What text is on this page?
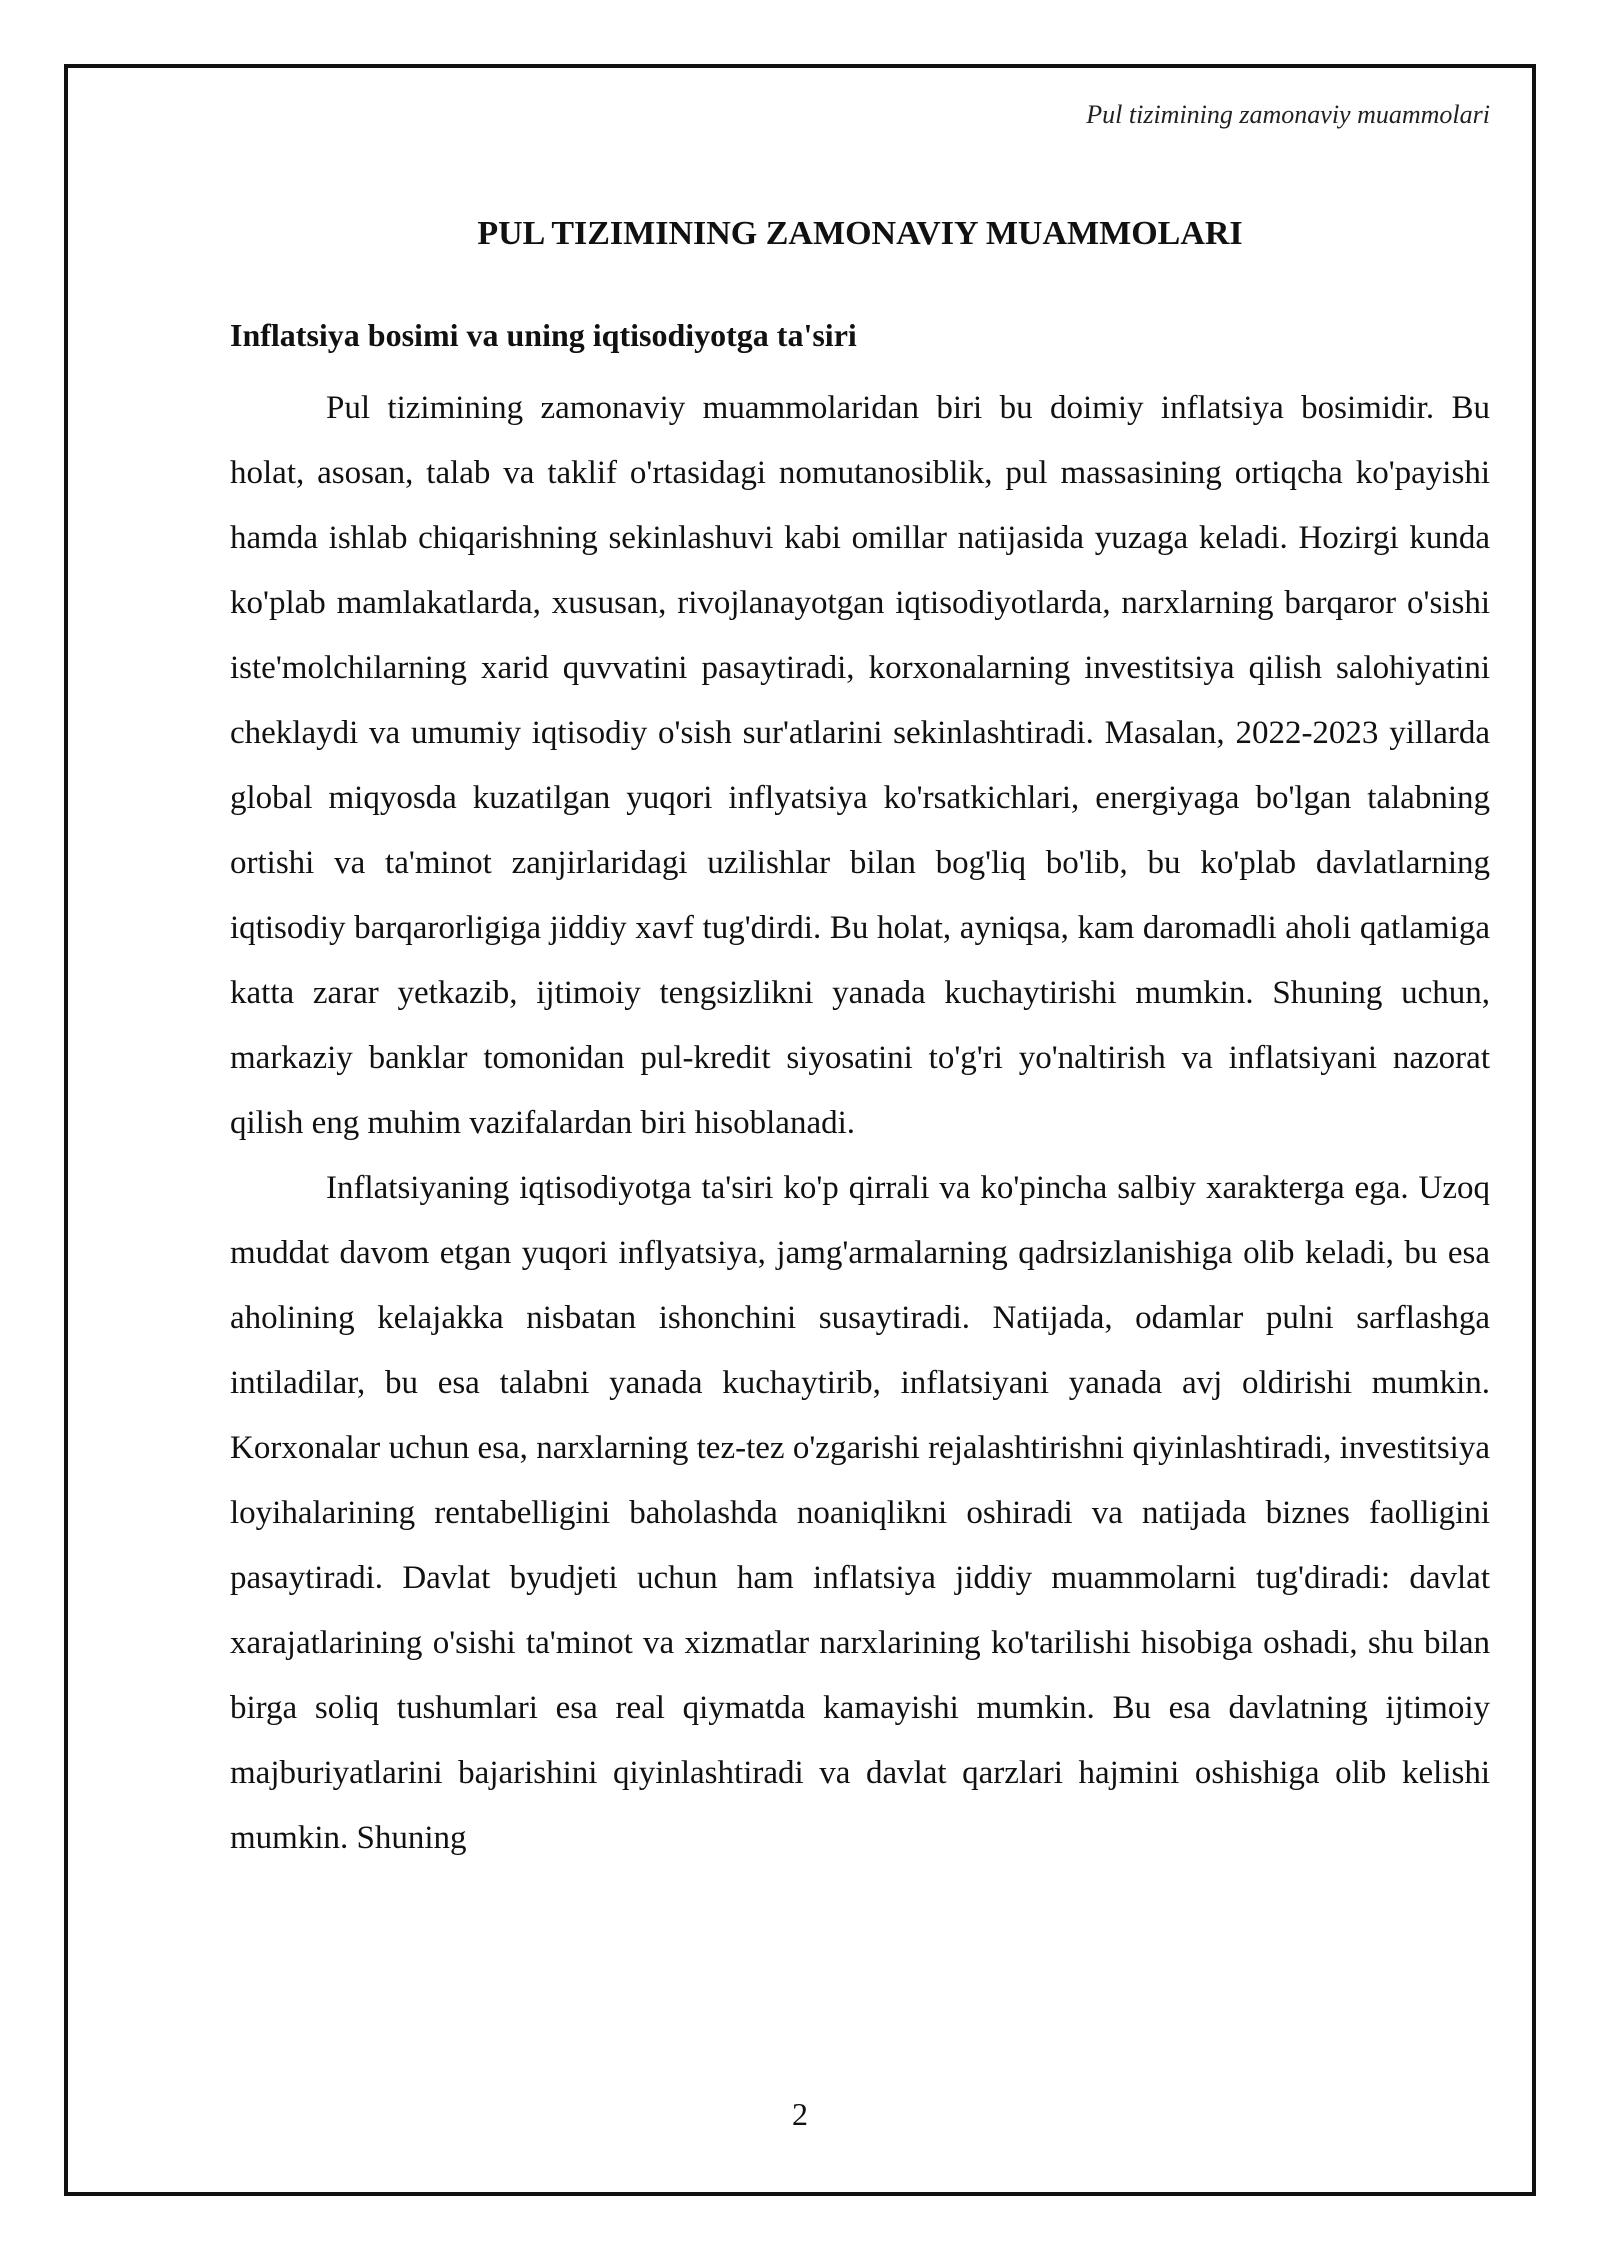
Pul tizimining zamonaviy muammolari
PUL TIZIMINING ZAMONAVIY MUAMMOLARI
Inflatsiya bosimi va uning iqtisodiyotga ta'siri

Pul tizimining zamonaviy muammolaridan biri bu doimiy inflatsiya bosimidir. Bu holat, asosan, talab va taklif o'rtasidagi nomutanosiblik, pul massasining ortiqcha ko'payishi hamda ishlab chiqarishning sekinlashuvi kabi omillar natijasida yuzaga keladi. Hozirgi kunda ko'plab mamlakatlarda, xususan, rivojlanayotgan iqtisodiyotlarda, narxlarning barqaror o'sishi iste'molchilarning xarid quvvatini pasaytiradi, korxonalarning investitsiya qilish salohiyatini cheklaydi va umumiy iqtisodiy o'sish sur'atlarini sekinlashtiradi. Masalan, 2022-2023 yillarda global miqyosda kuzatilgan yuqori inflyatsiya ko'rsatkichlari, energiyaga bo'lgan talabning ortishi va ta'minot zanjirlaridagi uzilishlar bilan bog'liq bo'lib, bu ko'plab davlatlarning iqtisodiy barqarorligiga jiddiy xavf tug'dirdi. Bu holat, ayniqsa, kam daromadli aholi qatlamiga katta zarar yetkazib, ijtimoiy tengsizlikni yanada kuchaytirishi mumkin. Shuning uchun, markaziy banklar tomonidan pul-kredit siyosatini to'g'ri yo'naltirish va inflatsiyani nazorat qilish eng muhim vazifalardan biri hisoblanadi.

Inflatsiyaning iqtisodiyotga ta'siri ko'p qirrali va ko'pincha salbiy xarakterga ega. Uzoq muddat davom etgan yuqori inflyatsiya, jamg'armalarning qadrsizlanishiga olib keladi, bu esa aholining kelajakka nisbatan ishonchini susaytiradi. Natijada, odamlar pulni sarflashga intiladilar, bu esa talabni yanada kuchaytirib, inflatsiyani yanada avj oldirishi mumkin. Korxonalar uchun esa, narxlarning tez-tez o'zgarishi rejalashtirishni qiyinlashtiradi, investitsiya loyihalarining rentabelligini baholashda noaniqlikni oshiradi va natijada biznes faolligini pasaytiradi. Davlat byudjeti uchun ham inflatsiya jiddiy muammolarni tug'diradi: davlat xarajatlarining o'sishi ta'minot va xizmatlar narxlarining ko'tarilishi hisobiga oshadi, shu bilan birga soliq tushumlari esa real qiymatda kamayishi mumkin. Bu esa davlatning ijtimoiy majburiyatlarini bajarishini qiyinlashtiradi va davlat qarzlari hajmini oshishiga olib kelishi mumkin. Shuning

2
